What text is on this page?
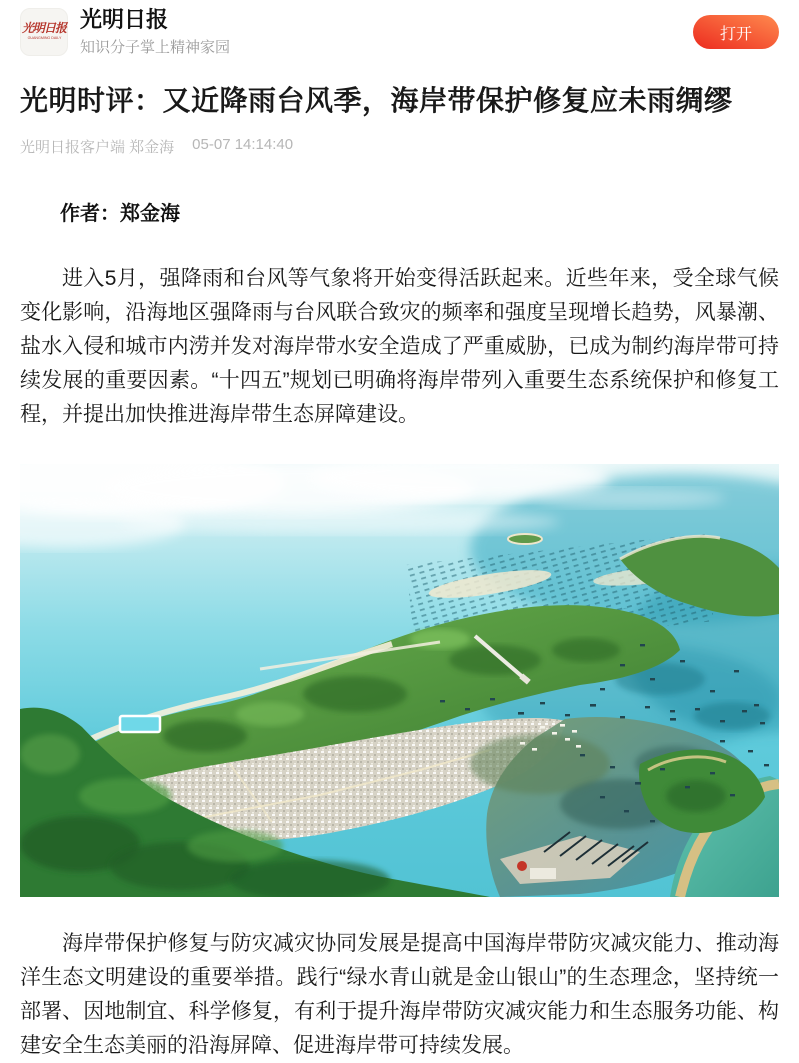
光明日报
GUANGMING DAILY
光明日报
知识分子掌上精神家园
打开
光明时评：又近降雨台风季，海岸带保护修复应未雨绸缪
光明日报客户端 郑金海 05-07 14:14:40

作者：郑金海

进入5月，强降雨和台风等气象将开始变得活跃起来。近些年来，受全球气候变化影响，沿海地区强降雨与台风联合致灾的频率和强度呈现增长趋势，风暴潮、盐水入侵和城市内涝并发对海岸带水安全造成了严重威胁，已成为制约海岸带可持续发展的重要因素。“十四五”规划已明确将海岸带列入重要生态系统保护和修复工程，并提出加快推进海岸带生态屏障建设。

海岸带保护修复与防灾减灾协同发展是提高中国海岸带防灾减灾能力、推动海洋生态文明建设的重要举措。践行“绿水青山就是金山银山”的生态理念，坚持统一部署、因地制宜、科学修复，有利于提升海岸带防灾减灾能力和生态服务功能、构建安全生态美丽的沿海屏障、促进海岸带可持续发展。
